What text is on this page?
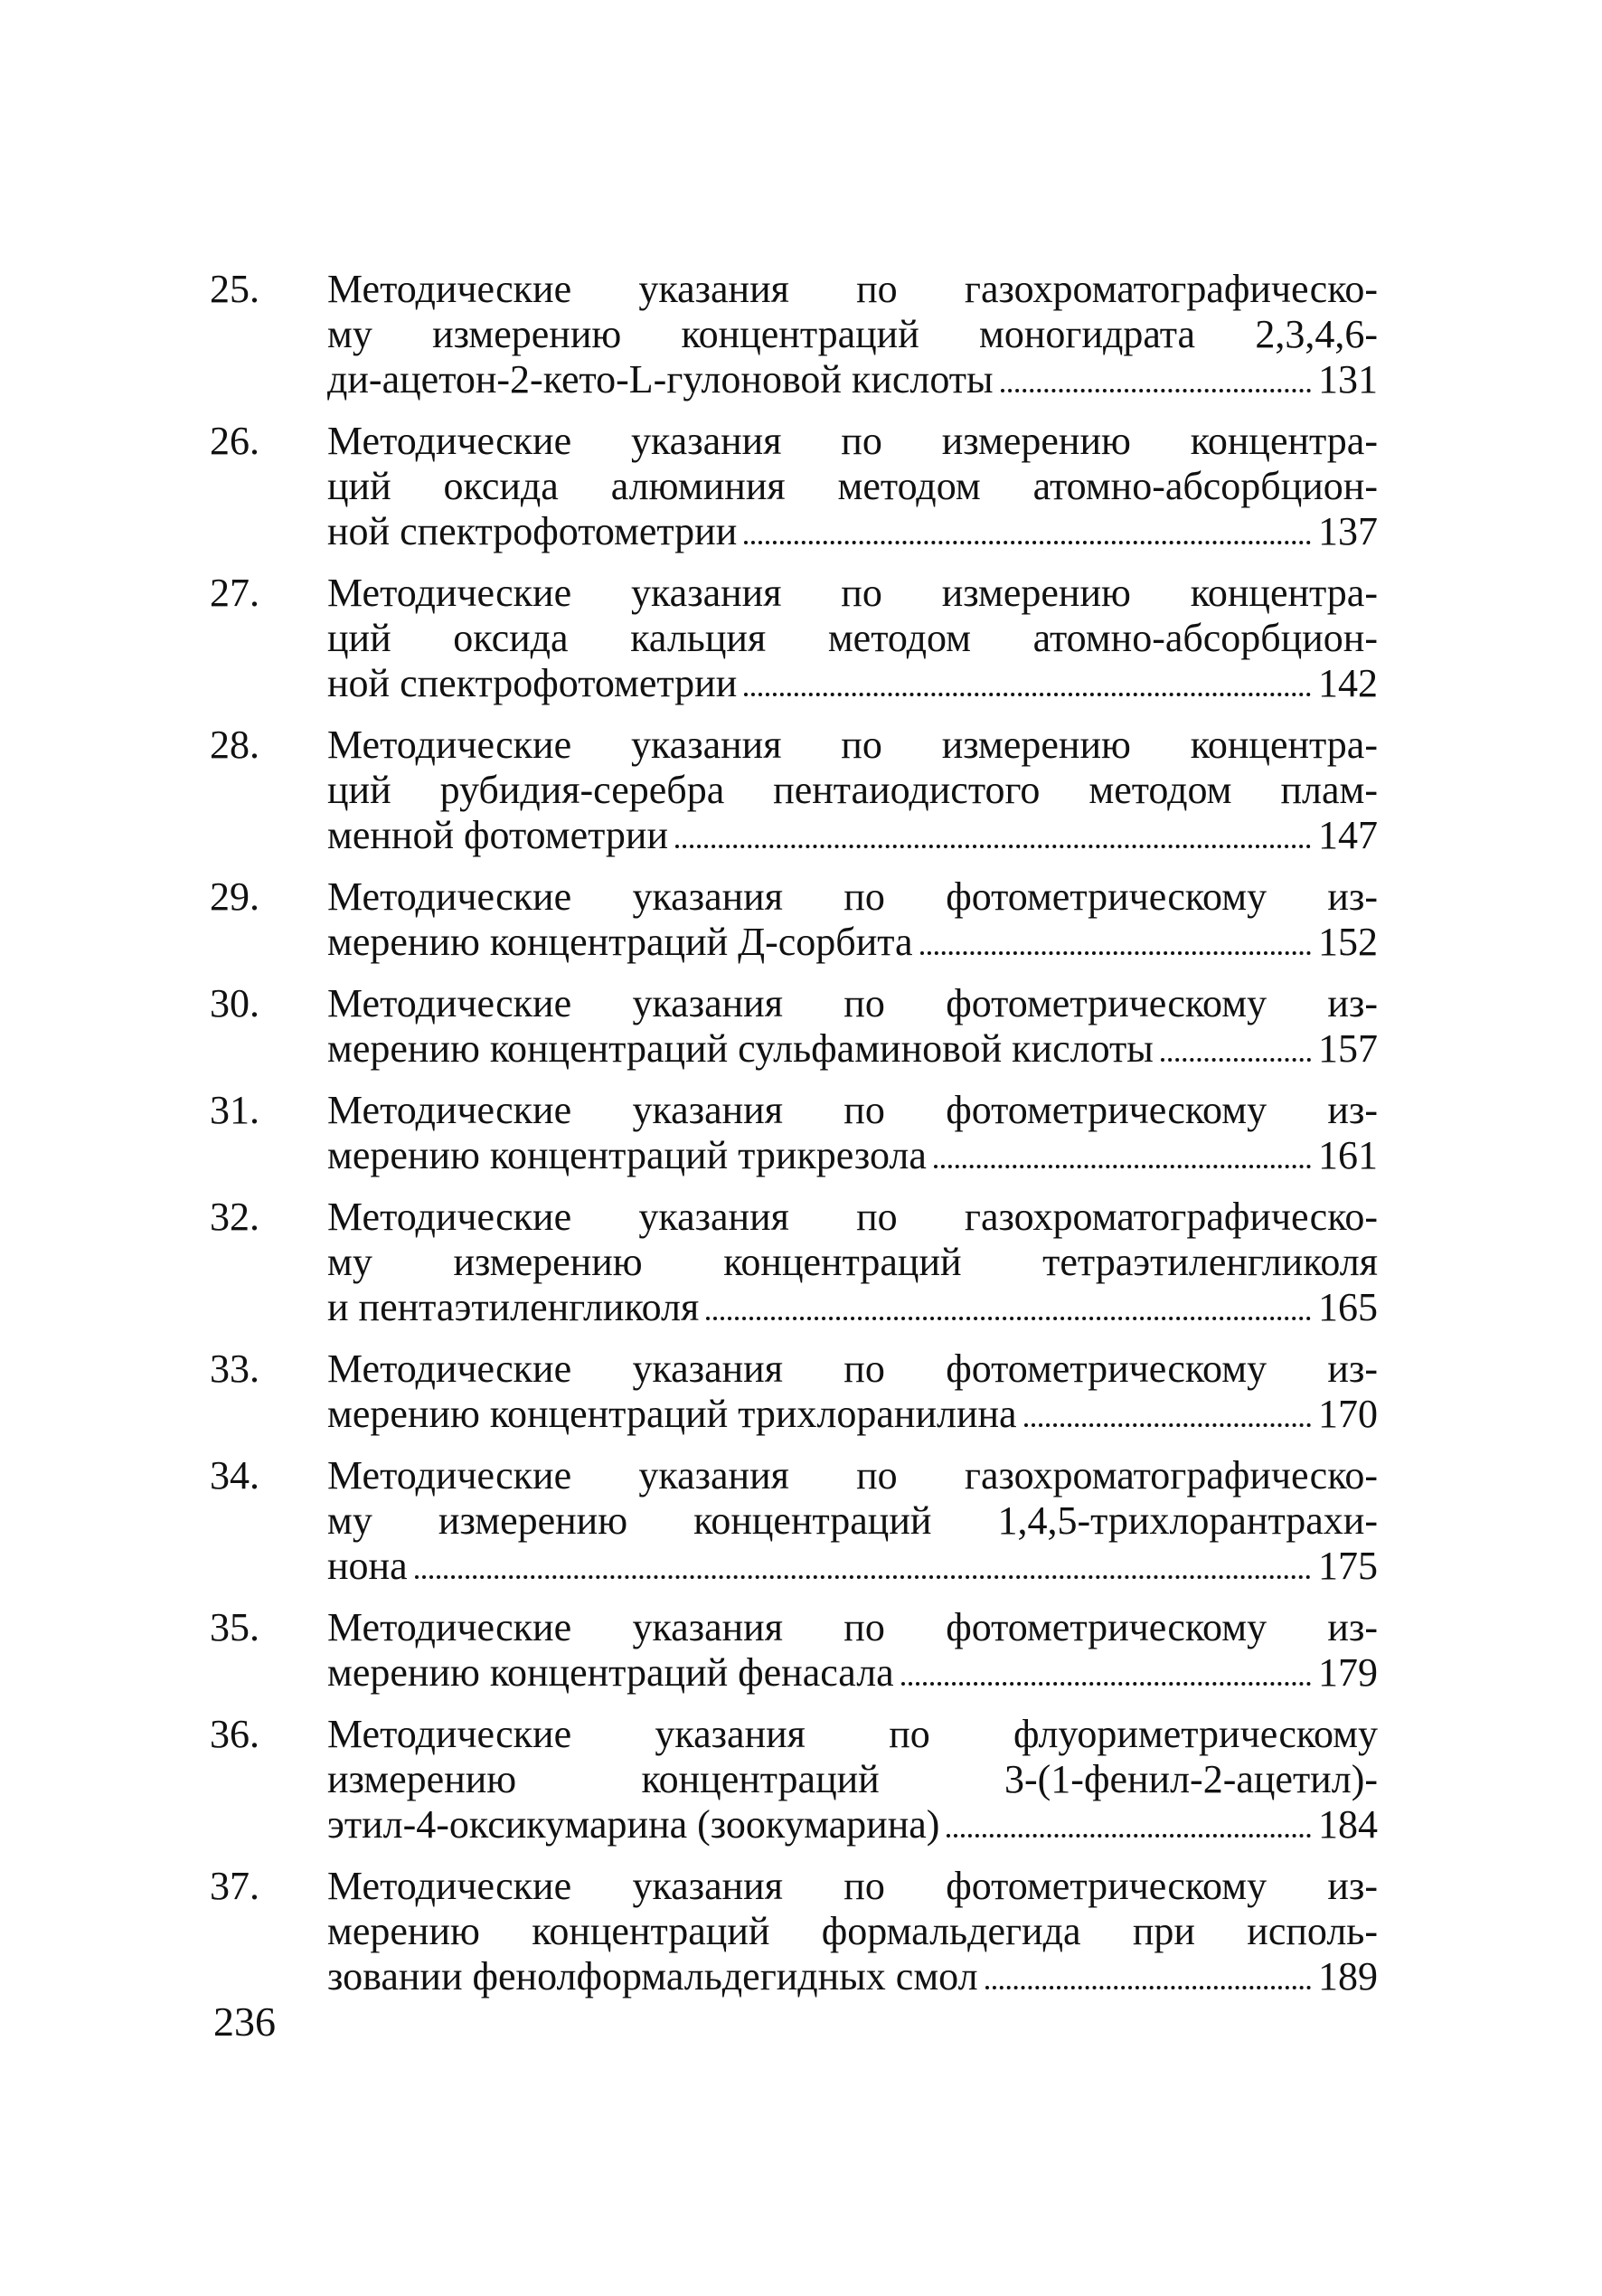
25.	Методические указания по газохроматографическо-
му измерению концентраций моногидрата 2,3,4,6-
ди-ацетон-2-кето-L-гулоновой кислоты	131
26.	Методические указания по измерению концентра-
ций оксида алюминия методом атомно-абсорбцион-
ной спектрофотометрии	137
27.	Методические указания по измерению концентра-
ций оксида кальция методом атомно-абсорбцион-
ной спектрофотометрии	142
28.	Методические указания по измерению концентра-
ций рубидия-серебра пентаиодистого методом плам-
менной фотометрии	147
29.	Методические указания по фотометрическому из-
мерению концентраций Д-сорбита	152
30.	Методические указания по фотометрическому из-
мерению концентраций сульфаминовой кислоты	157
31.	Методические указания по фотометрическому из-
мерению концентраций трикрезола	161
32.	Методические указания по газохроматографическо-
му измерению концентраций тетраэтиленгликоля
и пентаэтиленгликоля	165
33.	Методические указания по фотометрическому из-
мерению концентраций трихлоранилина	170
34.	Методические указания по газохроматографическо-
му измерению концентраций 1,4,5-трихлорантрахи-
нона	175
35.	Методические указания по фотометрическому из-
мерению концентраций фенасала	179
36.	Методические указания по флуориметрическому
измерению концентраций 3-(1-фенил-2-ацетил)-
этил-4-оксикумарина (зоокумарина)	184
37.	Методические указания по фотометрическому из-
мерению концентраций формальдегида при исполь-
зовании фенолформальдегидных смол	189
236
